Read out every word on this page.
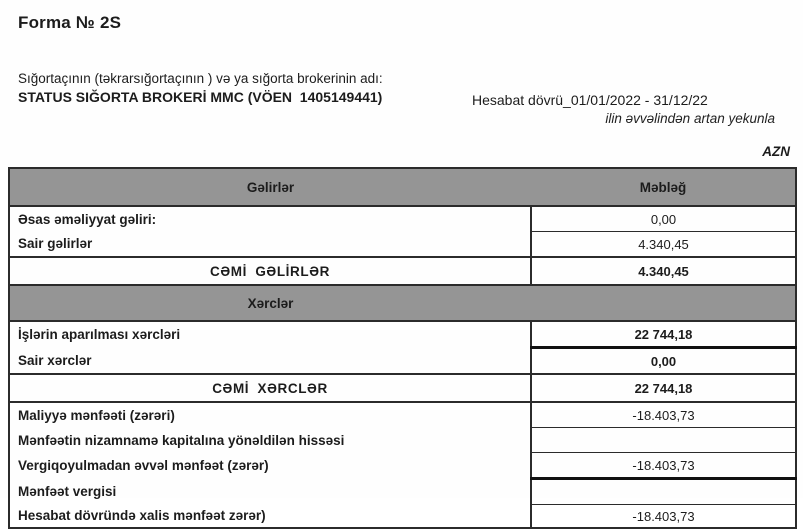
Forma № 2S
Sığortaçının (təkrarsığortaçının ) və ya sığorta brokerinin adı:
STATUS SIĞORTA BROKERİ MMC (VÖEN  1405149441)	Hesabat dövrü_01/01/2022 - 31/12/22
ilin əvvəlindən artan yekunla
AZN
Gəlirlər	Məbləğ
Əsas əməliyyat gəliri:	0,00
Sair gəlirlər	4.340,45
CƏMİ GƏLİRLƏR	4.340,45
Xərclər	
İşlərin aparılması xərcləri	22 744,18
Sair xərclər	0,00
CƏMİ XƏRCLƏR	22 744,18
Maliyyə mənfəəti (zərəri)	-18.403,73
Mənfəətin nizamnamə kapitalına yönəldilən hissəsi	
Vergiqoyulmadan əvvəl mənfəət (zərər)	-18.403,73
Mənfəət vergisi	
Hesabat dövründə xalis mənfəət zərər)	-18.403,73
